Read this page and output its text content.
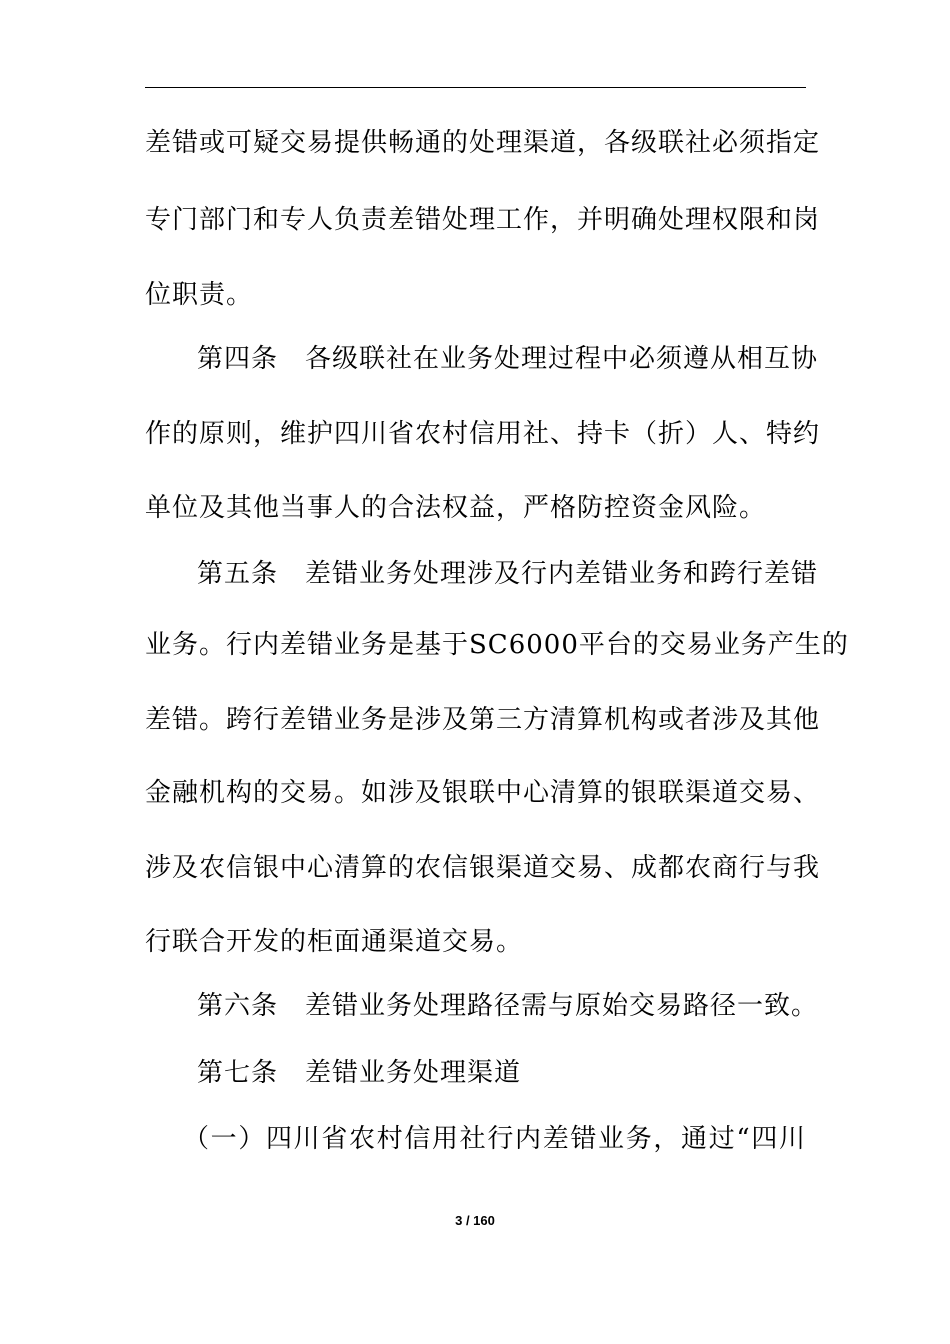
差错或可疑交易提供畅通的处理渠道，各级联社必须指定
专门部门和专人负责差错处理工作，并明确处理权限和岗
位职责。
第四条　各级联社在业务处理过程中必须遵从相互协
作的原则，维护四川省农村信用社、持卡（折）人、特约
单位及其他当事人的合法权益，严格防控资金风险。
第五条　差错业务处理涉及行内差错业务和跨行差错
业务。行内差错业务是基于SC6000平台的交易业务产生的
差错。跨行差错业务是涉及第三方清算机构或者涉及其他
金融机构的交易。如涉及银联中心清算的银联渠道交易、
涉及农信银中心清算的农信银渠道交易、成都农商行与我
行联合开发的柜面通渠道交易。
第六条　差错业务处理路径需与原始交易路径一致。
第七条　差错业务处理渠道
（一）四川省农村信用社行内差错业务，通过“四川
3 / 160
